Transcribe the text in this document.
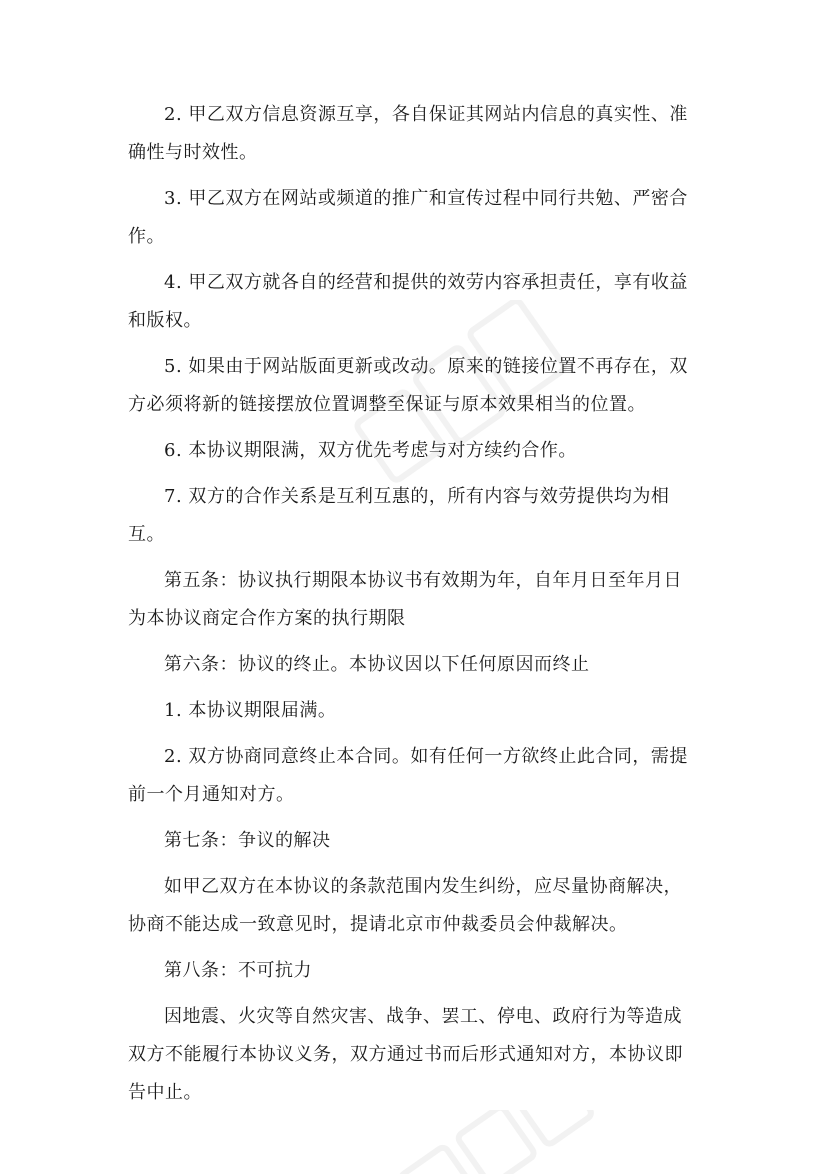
2. 甲乙双方信息资源互享，各自保证其网站内信息的真实性、准确性与时效性。

3. 甲乙双方在网站或频道的推广和宣传过程中同行共勉、严密合作。

4. 甲乙双方就各自的经营和提供的效劳内容承担责任，享有收益和版权。

5. 如果由于网站版面更新或改动。原来的链接位置不再存在，双方必须将新的链接摆放位置调整至保证与原本效果相当的位置。

6. 本协议期限满，双方优先考虑与对方续约合作。

7. 双方的合作关系是互利互惠的，所有内容与效劳提供均为相互。

第五条：协议执行期限本协议书有效期为年，自年月日至年月日为本协议商定合作方案的执行期限

第六条：协议的终止。本协议因以下任何原因而终止

1. 本协议期限届满。

2. 双方协商同意终止本合同。如有任何一方欲终止此合同，需提前一个月通知对方。

第七条：争议的解决

如甲乙双方在本协议的条款范围内发生纠纷，应尽量协商解决，协商不能达成一致意见时，提请北京市仲裁委员会仲裁解决。

第八条：不可抗力

因地震、火灾等自然灾害、战争、罢工、停电、政府行为等造成双方不能履行本协议义务，双方通过书而后形式通知对方，本协议即告中止。
